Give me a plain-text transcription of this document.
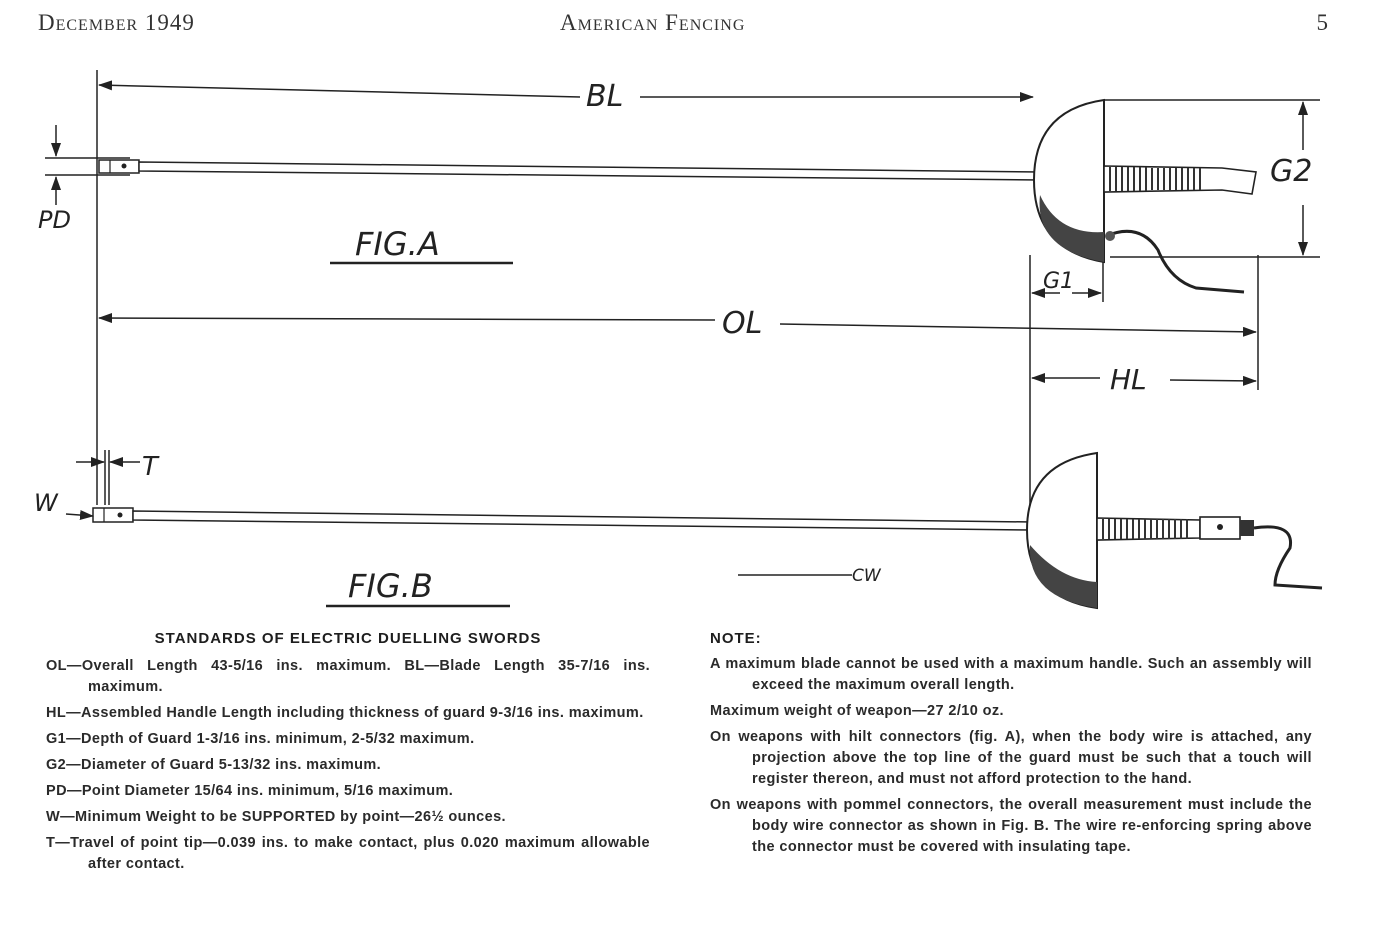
December 1949	American Fencing	5
BL
G2
PD
FIG.A
G1
OL
HL
T
W
FIG.B	CW
STANDARDS OF ELECTRIC DUELLING SWORDS
OL—Overall Length 43-5/16 ins. maximum. BL—Blade Length 35-7/16 ins. maximum.
HL—Assembled Handle Length including thickness of guard 9-3/16 ins. maximum.
G1—Depth of Guard 1-3/16 ins. minimum, 2-5/32 maximum.
G2—Diameter of Guard 5-13/32 ins. maximum.
PD—Point Diameter 15/64 ins. minimum, 5/16 maximum.
W—Minimum Weight to be SUPPORTED by point—26½ ounces.
T—Travel of point tip—0.039 ins. to make contact, plus 0.020 maximum allowable after contact.
NOTE:
A maximum blade cannot be used with a maximum handle. Such an assembly will exceed the maximum overall length.
Maximum weight of weapon—27 2/10 oz.
On weapons with hilt connectors (fig. A), when the body wire is attached, any projection above the top line of the guard must be such that a touch will register thereon, and must not afford protection to the hand.
On weapons with pommel connectors, the overall measurement must include the body wire connector as shown in Fig. B. The wire re-enforcing spring above the connector must be covered with insulating tape.
